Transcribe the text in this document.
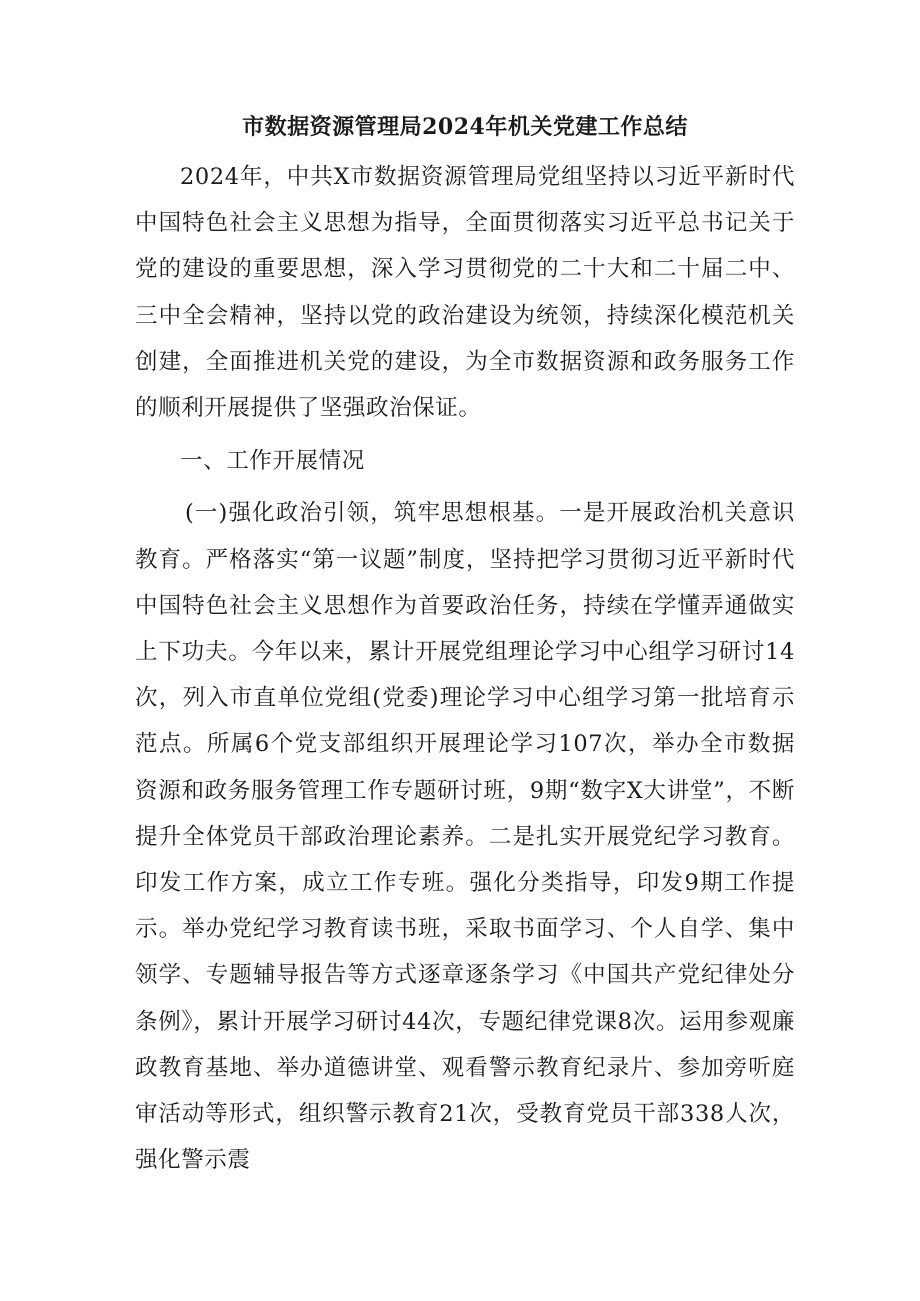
市数据资源管理局2024年机关党建工作总结

2024年，中共X市数据资源管理局党组坚持以习近平新时代中国特色社会主义思想为指导，全面贯彻落实习近平总书记关于党的建设的重要思想，深入学习贯彻党的二十大和二十届二中、三中全会精神，坚持以党的政治建设为统领，持续深化模范机关创建，全面推进机关党的建设，为全市数据资源和政务服务工作的顺利开展提供了坚强政治保证。

一、工作开展情况

(一)强化政治引领，筑牢思想根基。一是开展政治机关意识教育。严格落实“第一议题”制度，坚持把学习贯彻习近平新时代中国特色社会主义思想作为首要政治任务，持续在学懂弄通做实上下功夫。今年以来，累计开展党组理论学习中心组学习研讨14次，列入市直单位党组(党委)理论学习中心组学习第一批培育示范点。所属6个党支部组织开展理论学习107次，举办全市数据资源和政务服务管理工作专题研讨班，9期“数字X大讲堂”，不断提升全体党员干部政治理论素养。二是扎实开展党纪学习教育。印发工作方案，成立工作专班。强化分类指导，印发9期工作提示。举办党纪学习教育读书班，采取书面学习、个人自学、集中领学、专题辅导报告等方式逐章逐条学习《中国共产党纪律处分条例》，累计开展学习研讨44次，专题纪律党课8次。运用参观廉政教育基地、举办道德讲堂、观看警示教育纪录片、参加旁听庭审活动等形式，组织警示教育21次，受教育党员干部338人次，强化警示震
